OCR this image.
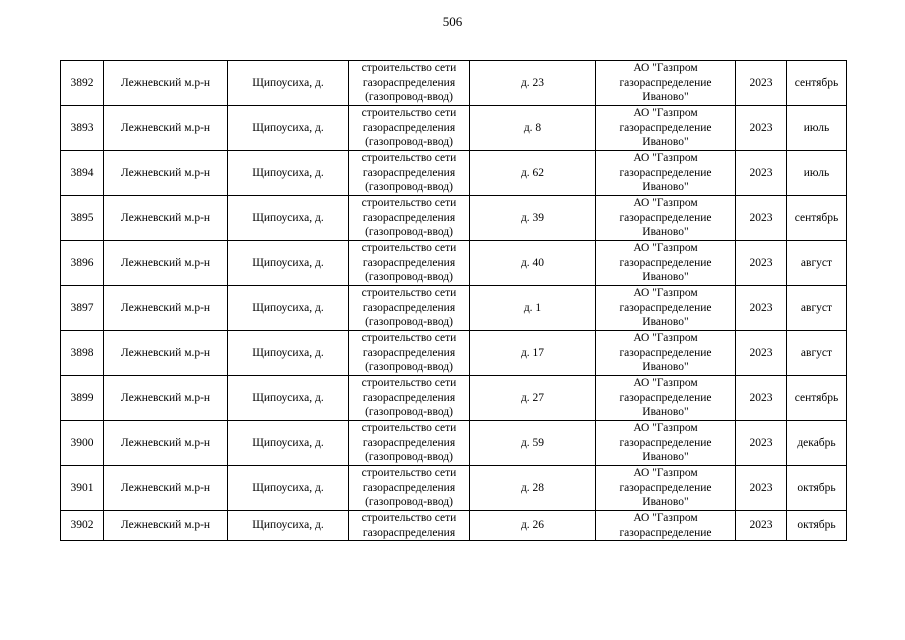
506
3892	Лежневский м.р-н	Щипоусиха, д.	строительство сети
газораспределения
(газопровод-ввод)	д. 23	АО "Газпром
газораспределение
Иваново"	2023	сентябрь
3893	Лежневский м.р-н	Щипоусиха, д.	строительство сети
газораспределения
(газопровод-ввод)	д. 8	АО "Газпром
газораспределение
Иваново"	2023	июль
3894	Лежневский м.р-н	Щипоусиха, д.	строительство сети
газораспределения
(газопровод-ввод)	д. 62	АО "Газпром
газораспределение
Иваново"	2023	июль
3895	Лежневский м.р-н	Щипоусиха, д.	строительство сети
газораспределения
(газопровод-ввод)	д. 39	АО "Газпром
газораспределение
Иваново"	2023	сентябрь
3896	Лежневский м.р-н	Щипоусиха, д.	строительство сети
газораспределения
(газопровод-ввод)	д. 40	АО "Газпром
газораспределение
Иваново"	2023	август
3897	Лежневский м.р-н	Щипоусиха, д.	строительство сети
газораспределения
(газопровод-ввод)	д. 1	АО "Газпром
газораспределение
Иваново"	2023	август
3898	Лежневский м.р-н	Щипоусиха, д.	строительство сети
газораспределения
(газопровод-ввод)	д. 17	АО "Газпром
газораспределение
Иваново"	2023	август
3899	Лежневский м.р-н	Щипоусиха, д.	строительство сети
газораспределения
(газопровод-ввод)	д. 27	АО "Газпром
газораспределение
Иваново"	2023	сентябрь
3900	Лежневский м.р-н	Щипоусиха, д.	строительство сети
газораспределения
(газопровод-ввод)	д. 59	АО "Газпром
газораспределение
Иваново"	2023	декабрь
3901	Лежневский м.р-н	Щипоусиха, д.	строительство сети
газораспределения
(газопровод-ввод)	д. 28	АО "Газпром
газораспределение
Иваново"	2023	октябрь
3902	Лежневский м.р-н	Щипоусиха, д.	строительство сети
газораспределения	д. 26	АО "Газпром
газораспределение	2023	октябрь
